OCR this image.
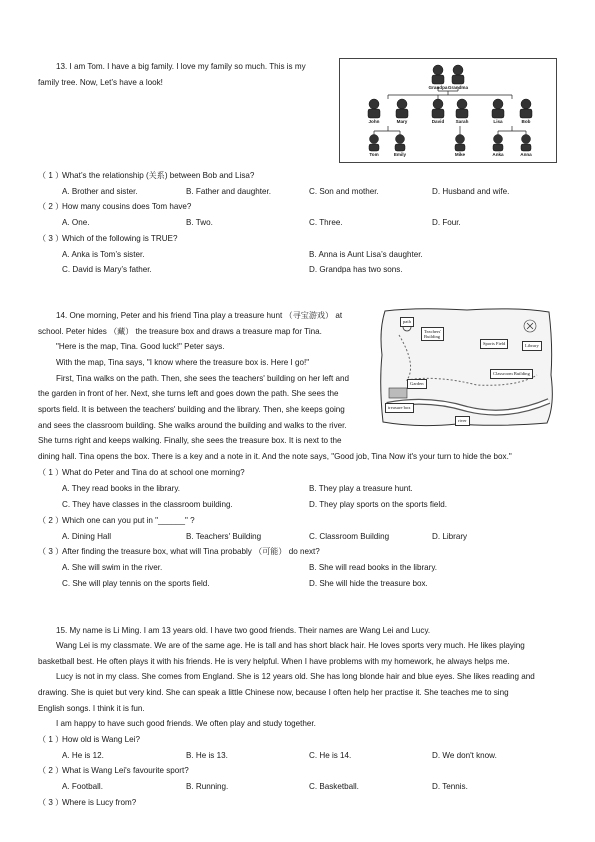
13. I am Tom. I have a big family. I love my family so much. This is my
family tree. Now, Let’s have a look!
Grandpa Grandma
John	Mary	David	Sarah	Lisa	Bob
Tom	Emily	Mike	Anka	Anna
（ 1 ）
What’s the relationship (关系) between Bob and Lisa?
A. Brother and sister.	B. Father and daughter.	C. Son and mother.	D. Husband and wife.
（ 2 ）
How many cousins does Tom have?
A. One.	B. Two.	C. Three.	D. Four.
（ 3 ）
Which of the following is TRUE?
A. Anka is Tom’s sister.	B. Anna is Aunt Lisa’s daughter.
C. David is Mary’s father.	D. Grandpa has two sons.
14. One morning, Peter and his friend Tina play a treasure hunt （寻宝游戏） at
school. Peter hides （藏） the treasure box and draws a treasure map for Tina.
"Here is the map, Tina. Good luck!" Peter says.
With the map, Tina says, "I know where the treasure box is. Here I go!"
First, Tina walks on the path. Then, she sees the teachers' building on her left and
the garden in front of her. Next, she turns left and goes down the path. She sees the
sports field. It is between the teachers' building and the library. Then, she keeps going
and sees the classroom building. She walks around the building and walks to the river.
She turns right and keeps walking. Finally, she sees the treasure box. It is next to the
dining hall. Tina opens the box. There is a key and a note in it. And the note says, "Good job, Tina Now it's your turn to hide the box."
path
Teachers'
Building
Sports Field	Library
Classroom Building
Garden
treasure box
river
（ 1 ）
What do Peter and Tina do at school one morning?
A. They read books in the library.	B. They play a treasure hunt.
C. They have classes in the classroom building.	D. They play sports on the sports field.
（ 2 ）
Which one can you put in "______" ?
A. Dining Hall	B. Teachers' Building	C. Classroom Building	D. Library
（ 3 ）
After finding the treasure box, what will Tina probably （可能） do next?
A. She will swim in the river.	B. She will read books in the library.
C. She will play tennis on the sports field.	D. She will hide the treasure box.
15. My name is Li Ming. I am 13 years old. I have two good friends. Their names are Wang Lei and Lucy.
Wang Lei is my classmate. We are of the same age. He is tall and has short black hair. He loves sports very much. He likes playing
basketball best. He often plays it with his friends. He is very helpful. When I have problems with my homework, he always helps me.
Lucy is not in my class. She comes from England. She is 12 years old. She has long blonde hair and blue eyes. She likes reading and
drawing. She is quiet but very kind. She can speak a little Chinese now, because I often help her practise it. She teaches me to sing
English songs. I think it is fun.
I am happy to have such good friends. We often play and study together.
（ 1 ）
How old is Wang Lei?
A. He is 12.	B. He is 13.	C. He is 14.	D. We don't know.
（ 2 ）
What is Wang Lei's favourite sport?
A. Football.	B. Running.	C. Basketball.	D. Tennis.
（ 3 ）
Where is Lucy from?
